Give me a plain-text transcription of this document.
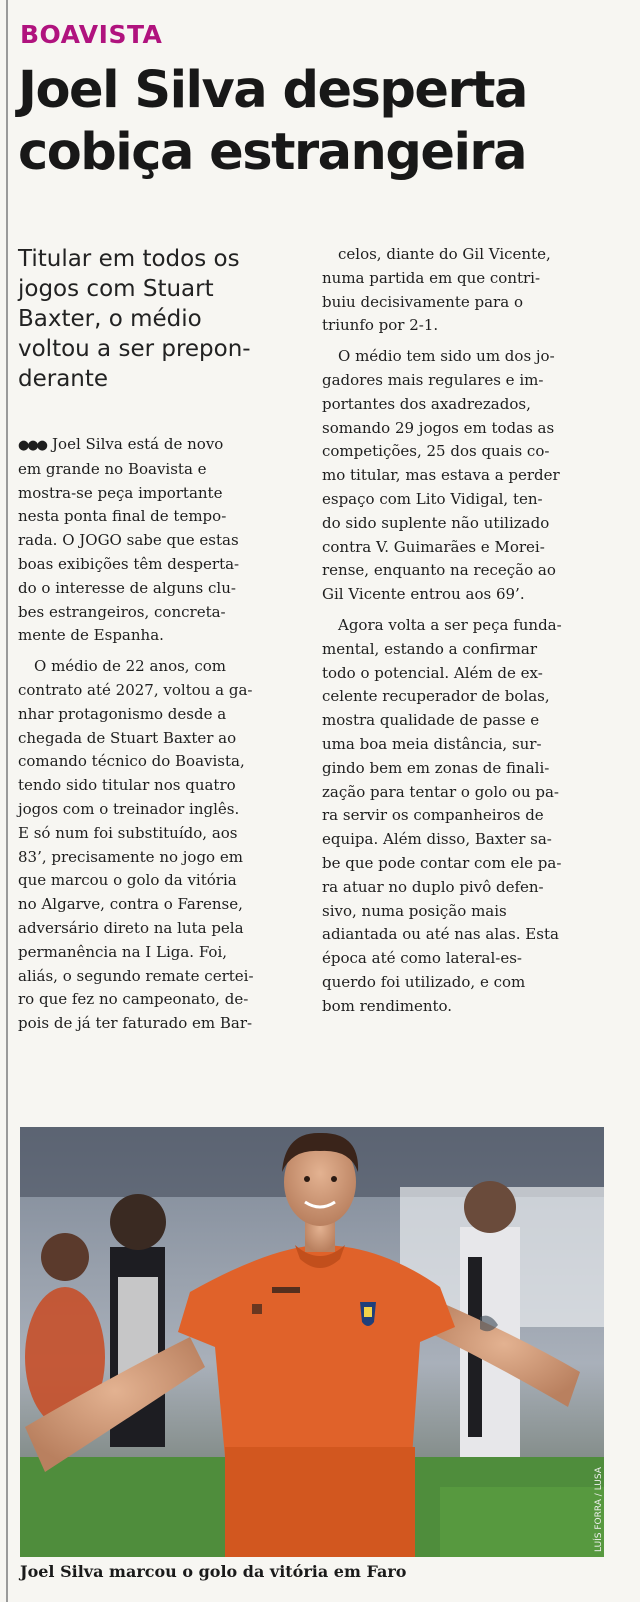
BOAVISTA
Joel Silva desperta
cobiça estrangeira
Titular em todos os
jogos com Stuart
Baxter, o médio
voltou a ser prepon-
derante
●●● Joel Silva está de novo
em grande no Boavista e
mostra-se peça importante
nesta ponta final de tempo-
rada. O JOGO sabe que estas
boas exibições têm desperta-
do o interesse de alguns clu-
bes estrangeiros, concreta-
mente de Espanha.
O médio de 22 anos, com
contrato até 2027, voltou a ga-
nhar protagonismo desde a
chegada de Stuart Baxter ao
comando técnico do Boavista,
tendo sido titular nos quatro
jogos com o treinador inglês.
E só num foi substituído, aos
83’, precisamente no jogo em
que marcou o golo da vitória
no Algarve, contra o Farense,
adversário direto na luta pela
permanência na I Liga. Foi,
aliás, o segundo remate certei-
ro que fez no campeonato, de-
pois de já ter faturado em Bar-
celos, diante do Gil Vicente,
numa partida em que contri-
buiu decisivamente para o
triunfo por 2-1.
O médio tem sido um dos jo-
gadores mais regulares e im-
portantes dos axadrezados,
somando 29 jogos em todas as
competições, 25 dos quais co-
mo titular, mas estava a perder
espaço com Lito Vidigal, ten-
do sido suplente não utilizado
contra V. Guimarães e Morei-
rense, enquanto na receção ao
Gil Vicente entrou aos 69’.
Agora volta a ser peça funda-
mental, estando a confirmar
todo o potencial. Além de ex-
celente recuperador de bolas,
mostra qualidade de passe e
uma boa meia distância, sur-
gindo bem em zonas de finali-
zação para tentar o golo ou pa-
ra servir os companheiros de
equipa. Além disso, Baxter sa-
be que pode contar com ele pa-
ra atuar no duplo pivô defen-
sivo, numa posição mais
adiantada ou até nas alas. Esta
época até como lateral-es-
querdo foi utilizado, e com
bom rendimento.
LUÍS FORRA / LUSA
Joel Silva marcou o golo da vitória em Faro
